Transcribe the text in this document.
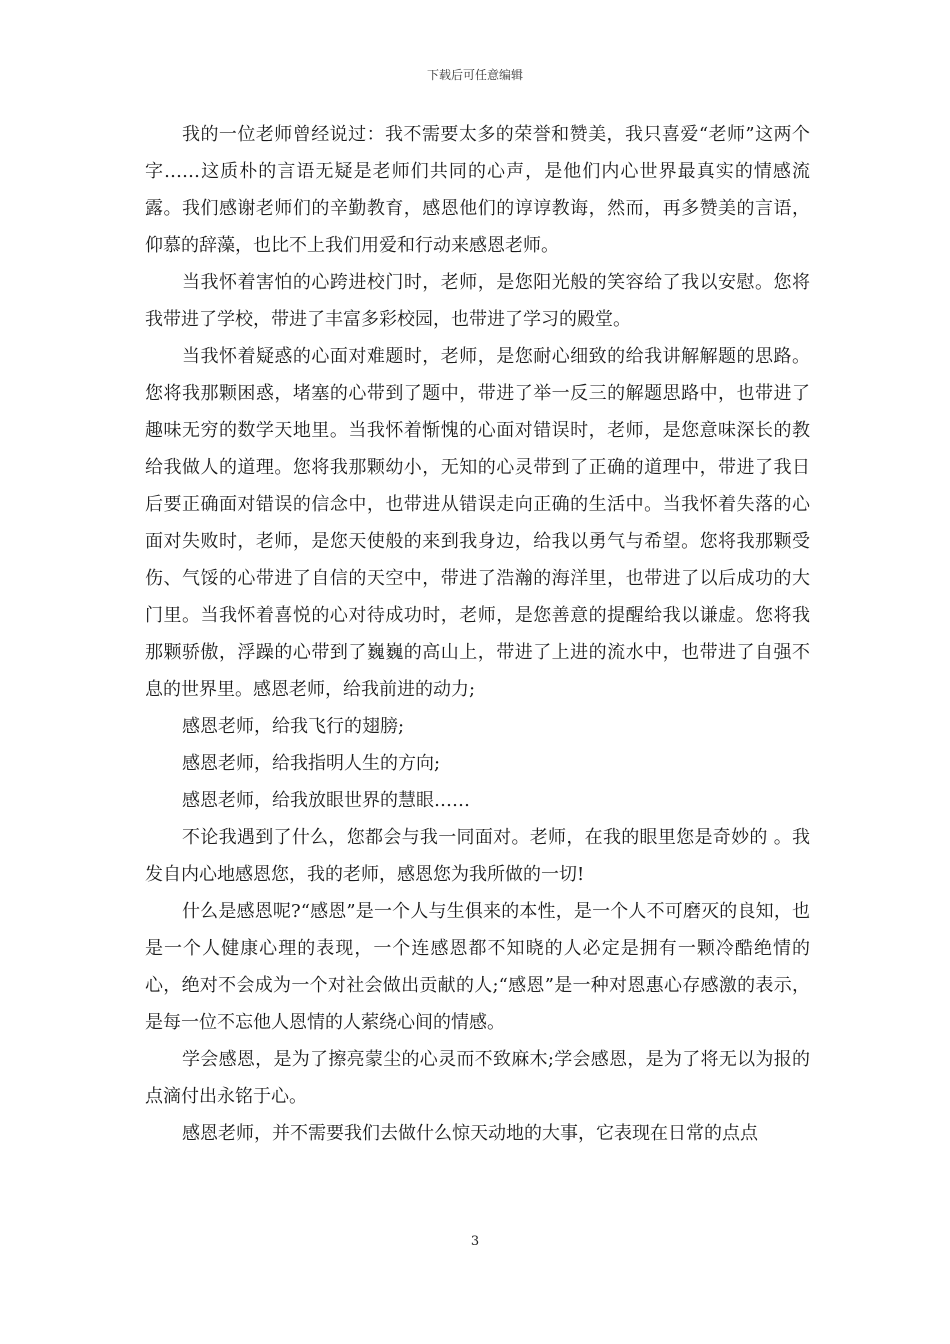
下载后可任意编辑

我的一位老师曾经说过：我不需要太多的荣誉和赞美，我只喜爱“老师”这两个字……这质朴的言语无疑是老师们共同的心声，是他们内心世界最真实的情感流露。我们感谢老师们的辛勤教育，感恩他们的谆谆教诲，然而，再多赞美的言语，仰慕的辞藻，也比不上我们用爱和行动来感恩老师。

当我怀着害怕的心跨进校门时，老师，是您阳光般的笑容给了我以安慰。您将我带进了学校，带进了丰富多彩校园，也带进了学习的殿堂。

当我怀着疑惑的心面对难题时，老师，是您耐心细致的给我讲解解题的思路。您将我那颗困惑，堵塞的心带到了题中，带进了举一反三的解题思路中，也带进了趣味无穷的数学天地里。当我怀着惭愧的心面对错误时，老师，是您意味深长的教给我做人的道理。您将我那颗幼小，无知的心灵带到了正确的道理中，带进了我日后要正确面对错误的信念中，也带进从错误走向正确的生活中。当我怀着失落的心面对失败时，老师，是您天使般的来到我身边，给我以勇气与希望。您将我那颗受伤、气馁的心带进了自信的天空中，带进了浩瀚的海洋里，也带进了以后成功的大门里。当我怀着喜悦的心对待成功时，老师，是您善意的提醒给我以谦虚。您将我那颗骄傲，浮躁的心带到了巍巍的高山上，带进了上进的流水中，也带进了自强不息的世界里。感恩老师，给我前进的动力;

感恩老师，给我飞行的翅膀;

感恩老师，给我指明人生的方向;

感恩老师，给我放眼世界的慧眼……

不论我遇到了什么，您都会与我一同面对。老师，在我的眼里您是奇妙的 。我发自内心地感恩您，我的老师，感恩您为我所做的一切!

什么是感恩呢?“感恩”是一个人与生俱来的本性，是一个人不可磨灭的良知，也是一个人健康心理的表现，一个连感恩都不知晓的人必定是拥有一颗冷酷绝情的心，绝对不会成为一个对社会做出贡献的人;“感恩”是一种对恩惠心存感激的表示，是每一位不忘他人恩情的人萦绕心间的情感。

学会感恩，是为了擦亮蒙尘的心灵而不致麻木;学会感恩，是为了将无以为报的点滴付出永铭于心。

感恩老师，并不需要我们去做什么惊天动地的大事，它表现在日常的点点

3
